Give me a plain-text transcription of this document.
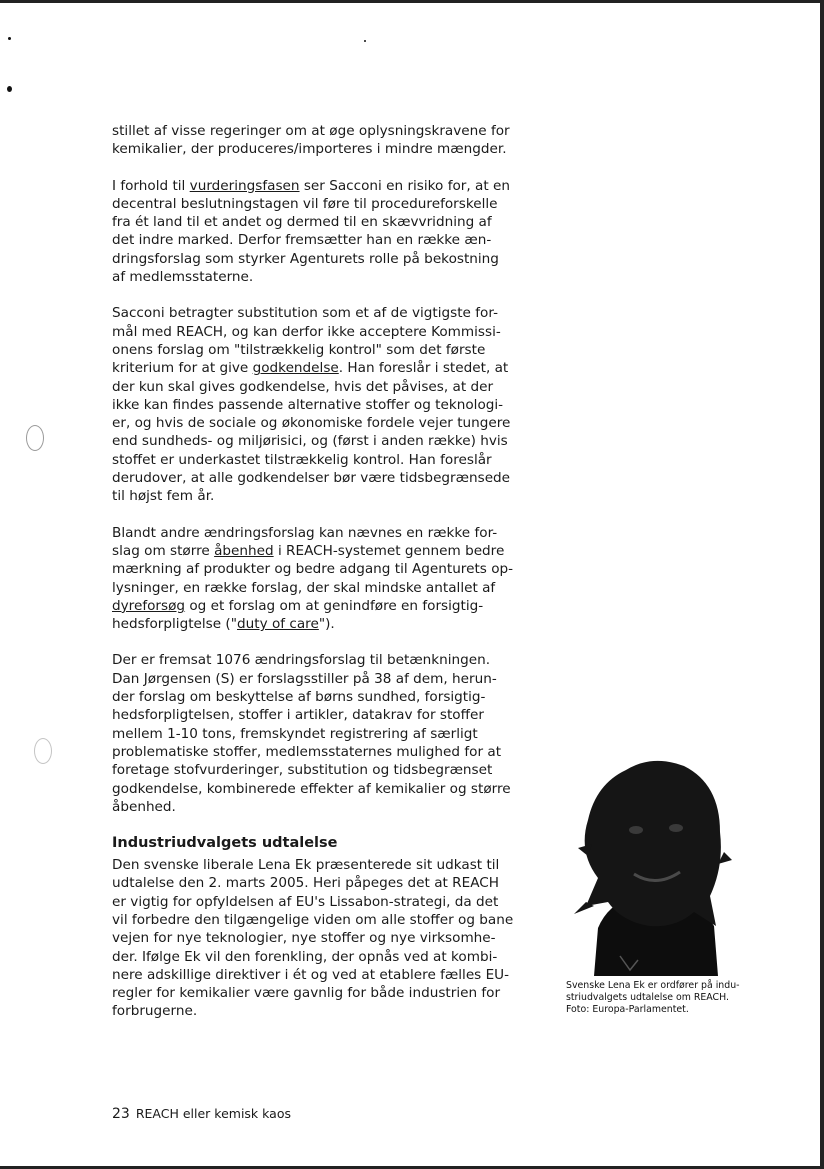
stillet af visse regeringer om at øge oplysningskravene for
kemikalier, der produceres/importeres i mindre mængder.

I forhold til vurderingsfasen ser Sacconi en risiko for, at en
decentral beslutningstagen vil føre til procedureforskelle
fra ét land til et andet og dermed til en skævvridning af
det indre marked. Derfor fremsætter han en række æn-
dringsforslag som styrker Agenturets rolle på bekostning
af medlemsstaterne.

Sacconi betragter substitution som et af de vigtigste for-
mål med REACH, og kan derfor ikke acceptere Kommissi-
onens forslag om "tilstrækkelig kontrol" som det første
kriterium for at give godkendelse. Han foreslår i stedet, at
der kun skal gives godkendelse, hvis det påvises, at der
ikke kan findes passende alternative stoffer og teknologi-
er, og hvis de sociale og økonomiske fordele vejer tungere
end sundheds- og miljørisici, og (først i anden række) hvis
stoffet er underkastet tilstrækkelig kontrol. Han foreslår
derudover, at alle godkendelser bør være tidsbegrænsede
til højst fem år.

Blandt andre ændringsforslag kan nævnes en række for-
slag om større åbenhed i REACH-systemet gennem bedre
mærkning af produkter og bedre adgang til Agenturets op-
lysninger, en række forslag, der skal mindske antallet af
dyreforsøg og et forslag om at genindføre en forsigtig-
hedsforpligtelse ("duty of care").

Der er fremsat 1076 ændringsforslag til betænkningen.
Dan Jørgensen (S) er forslagsstiller på 38 af dem, herun-
der forslag om beskyttelse af børns sundhed, forsigtig-
hedsforpligtelsen, stoffer i artikler, datakrav for stoffer
mellem 1-10 tons, fremskyndet registrering af særligt
problematiske stoffer, medlemsstaternes mulighed for at
foretage stofvurderinger, substitution og tidsbegrænset
godkendelse, kombinerede effekter af kemikalier og større
åbenhed.

Industriudvalgets udtalelse

Den svenske liberale Lena Ek præsenterede sit udkast til
udtalelse den 2. marts 2005. Heri påpeges det at REACH
er vigtig for opfyldelsen af EU's Lissabon-strategi, da det
vil forbedre den tilgængelige viden om alle stoffer og bane
vejen for nye teknologier, nye stoffer og nye virksomhe-
der. Ifølge Ek vil den forenkling, der opnås ved at kombi-
nere adskillige direktiver i ét og ved at etablere fælles EU-
regler for kemikalier være gavnlig for både industrien for
forbrugerne.

Svenske Lena Ek er ordfører på indu-
striudvalgets udtalelse om REACH.
Foto: Europa-Parlamentet.
23 REACH eller kemisk kaos
